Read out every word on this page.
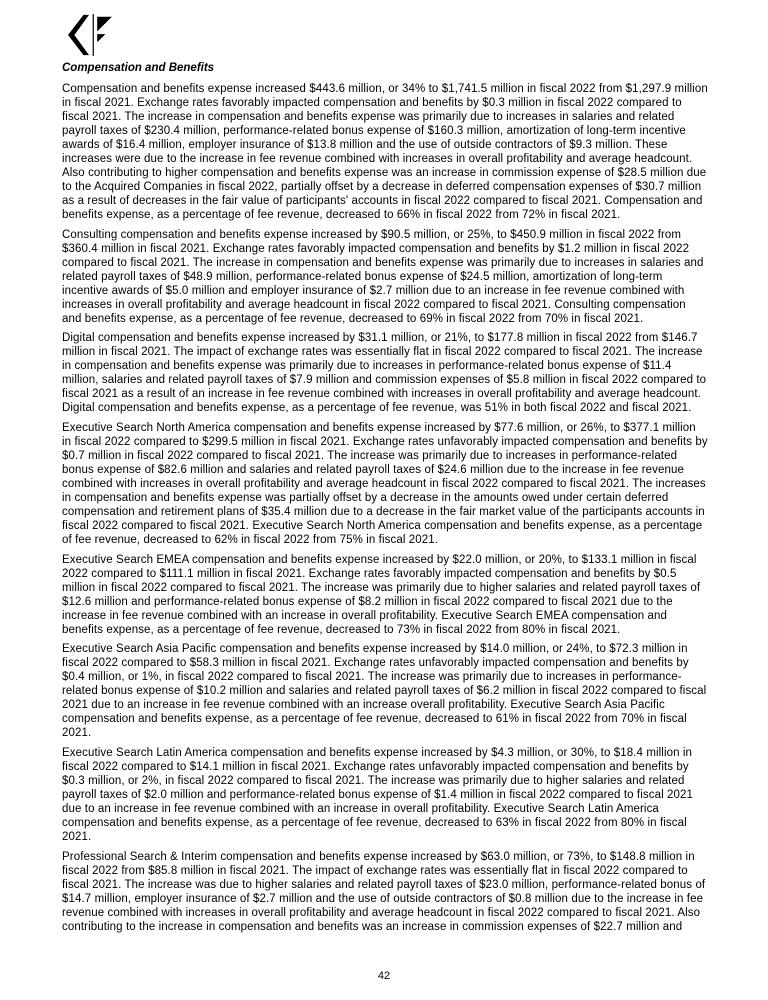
Compensation and Benefits

Compensation and benefits expense increased $443.6 million, or 34% to $1,741.5 million in fiscal 2022 from $1,297.9 million in fiscal 2021. Exchange rates favorably impacted compensation and benefits by $0.3 million in fiscal 2022 compared to fiscal 2021. The increase in compensation and benefits expense was primarily due to increases in salaries and related payroll taxes of $230.4 million, performance-related bonus expense of $160.3 million, amortization of long-term incentive awards of $16.4 million, employer insurance of $13.8 million and the use of outside contractors of $9.3 million. These increases were due to the increase in fee revenue combined with increases in overall profitability and average headcount. Also contributing to higher compensation and benefits expense was an increase in commission expense of $28.5 million due to the Acquired Companies in fiscal 2022, partially offset by a decrease in deferred compensation expenses of $30.7 million as a result of decreases in the fair value of participants' accounts in fiscal 2022 compared to fiscal 2021. Compensation and benefits expense, as a percentage of fee revenue, decreased to 66% in fiscal 2022 from 72% in fiscal 2021.

Consulting compensation and benefits expense increased by $90.5 million, or 25%, to $450.9 million in fiscal 2022 from $360.4 million in fiscal 2021. Exchange rates favorably impacted compensation and benefits by $1.2 million in fiscal 2022 compared to fiscal 2021. The increase in compensation and benefits expense was primarily due to increases in salaries and related payroll taxes of $48.9 million, performance-related bonus expense of $24.5 million, amortization of long-term incentive awards of $5.0 million and employer insurance of $2.7 million due to an increase in fee revenue combined with increases in overall profitability and average headcount in fiscal 2022 compared to fiscal 2021. Consulting compensation and benefits expense, as a percentage of fee revenue, decreased to 69% in fiscal 2022 from 70% in fiscal 2021.

Digital compensation and benefits expense increased by $31.1 million, or 21%, to $177.8 million in fiscal 2022 from $146.7 million in fiscal 2021. The impact of exchange rates was essentially flat in fiscal 2022 compared to fiscal 2021. The increase in compensation and benefits expense was primarily due to increases in performance-related bonus expense of $11.4 million, salaries and related payroll taxes of $7.9 million and commission expenses of $5.8 million in fiscal 2022 compared to fiscal 2021 as a result of an increase in fee revenue combined with increases in overall profitability and average headcount. Digital compensation and benefits expense, as a percentage of fee revenue, was 51% in both fiscal 2022 and fiscal 2021.

Executive Search North America compensation and benefits expense increased by $77.6 million, or 26%, to $377.1 million in fiscal 2022 compared to $299.5 million in fiscal 2021. Exchange rates unfavorably impacted compensation and benefits by $0.7 million in fiscal 2022 compared to fiscal 2021. The increase was primarily due to increases in performance-related bonus expense of $82.6 million and salaries and related payroll taxes of $24.6 million due to the increase in fee revenue combined with increases in overall profitability and average headcount in fiscal 2022 compared to fiscal 2021. The increases in compensation and benefits expense was partially offset by a decrease in the amounts owed under certain deferred compensation and retirement plans of $35.4 million due to a decrease in the fair market value of the participants accounts in fiscal 2022 compared to fiscal 2021. Executive Search North America compensation and benefits expense, as a percentage of fee revenue, decreased to 62% in fiscal 2022 from 75% in fiscal 2021.

Executive Search EMEA compensation and benefits expense increased by $22.0 million, or 20%, to $133.1 million in fiscal 2022 compared to $111.1 million in fiscal 2021. Exchange rates favorably impacted compensation and benefits by $0.5 million in fiscal 2022 compared to fiscal 2021. The increase was primarily due to higher salaries and related payroll taxes of $12.6 million and performance-related bonus expense of $8.2 million in fiscal 2022 compared to fiscal 2021 due to the increase in fee revenue combined with an increase in overall profitability. Executive Search EMEA compensation and benefits expense, as a percentage of fee revenue, decreased to 73% in fiscal 2022 from 80% in fiscal 2021.

Executive Search Asia Pacific compensation and benefits expense increased by $14.0 million, or 24%, to $72.3 million in fiscal 2022 compared to $58.3 million in fiscal 2021. Exchange rates unfavorably impacted compensation and benefits by $0.4 million, or 1%, in fiscal 2022 compared to fiscal 2021. The increase was primarily due to increases in performance-related bonus expense of $10.2 million and salaries and related payroll taxes of $6.2 million in fiscal 2022 compared to fiscal 2021 due to an increase in fee revenue combined with an increase overall profitability. Executive Search Asia Pacific compensation and benefits expense, as a percentage of fee revenue, decreased to 61% in fiscal 2022 from 70% in fiscal 2021.

Executive Search Latin America compensation and benefits expense increased by $4.3 million, or 30%, to $18.4 million in fiscal 2022 compared to $14.1 million in fiscal 2021. Exchange rates unfavorably impacted compensation and benefits by $0.3 million, or 2%, in fiscal 2022 compared to fiscal 2021. The increase was primarily due to higher salaries and related payroll taxes of $2.0 million and performance-related bonus expense of $1.4 million in fiscal 2022 compared to fiscal 2021 due to an increase in fee revenue combined with an increase in overall profitability. Executive Search Latin America compensation and benefits expense, as a percentage of fee revenue, decreased to 63% in fiscal 2022 from 80% in fiscal 2021.

Professional Search & Interim compensation and benefits expense increased by $63.0 million, or 73%, to $148.8 million in fiscal 2022 from $85.8 million in fiscal 2021. The impact of exchange rates was essentially flat in fiscal 2022 compared to fiscal 2021. The increase was due to higher salaries and related payroll taxes of $23.0 million, performance-related bonus of $14.7 million, employer insurance of $2.7 million and the use of outside contractors of $0.8 million due to the increase in fee revenue combined with increases in overall profitability and average headcount in fiscal 2022 compared to fiscal 2021. Also contributing to the increase in compensation and benefits was an increase in commission expenses of $22.7 million and

42
